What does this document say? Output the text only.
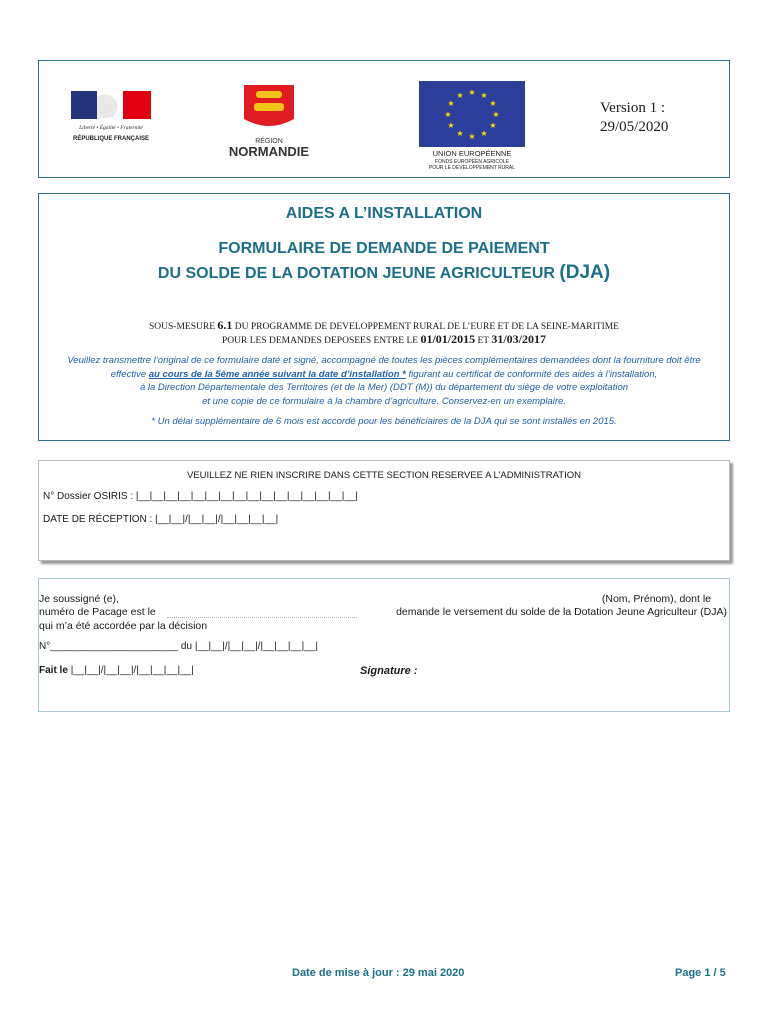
Liberté • Égalité • Fraternité
RÉPUBLIQUE FRANÇAISE	RÉGION
NORMANDIE
★ ★
★
★
★
★
★
★
★
★
★
★
UNION EUROPÉENNE
FONDS EUROPEEN AGRICOLE
POUR LE DEVELOPPEMENT RURAL
Version 1 :
29/05/2020
AIDES A L’INSTALLATION
FORMULAIRE DE DEMANDE DE PAIEMENT
DU SOLDE DE LA DOTATION JEUNE AGRICULTEUR (DJA)
SOUS-MESURE 6.1 DU PROGRAMME DE DEVELOPPEMENT RURAL DE L’EURE ET DE LA SEINE-MARITIME
POUR LES DEMANDES DEPOSEES ENTRE LE 01/01/2015 ET 31/03/2017
Veuillez transmettre l’original de ce formulaire daté et signé, accompagné de toutes les pièces complémentaires demandées dont la fourniture doit être
effective au cours de la 5ème année suivant la date d’installation * figurant au certificat de conformité des aides à l’installation,
à la Direction Départementale des Territoires (et de la Mer) (DDT (M)) du département du siège de votre exploitation
et une copie de ce formulaire à la chambre d’agriculture. Conservez-en un exemplaire.
* Un délai supplémentaire de 6 mois est accordé pour les bénéficiaires de la DJA qui se sont installés en 2015.
VEUILLEZ NE RIEN INSCRIRE DANS CETTE SECTION RESERVEE A L’ADMINISTRATION
N° Dossier OSIRIS : |__|__|__|__|__|__|__|__|__|__|__|__|__|__|__|__|
DATE DE RÉCEPTION : |__|__|/|__|__|/|__|__|__|__|
Je soussigné (e),	(Nom, Prénom), dont le
numéro de Pacage est le	demande le versement du solde de la Dotation Jeune Agriculteur (DJA)
qui m’a été accordée par la décision
N°_______________________ du |__|__|/|__|__|/|__|__|__|__|
Fait le |__|__|/|__|__|/|__|__|__|__|	Signature :
Date de mise à jour : 29 mai 2020	Page 1 / 5
